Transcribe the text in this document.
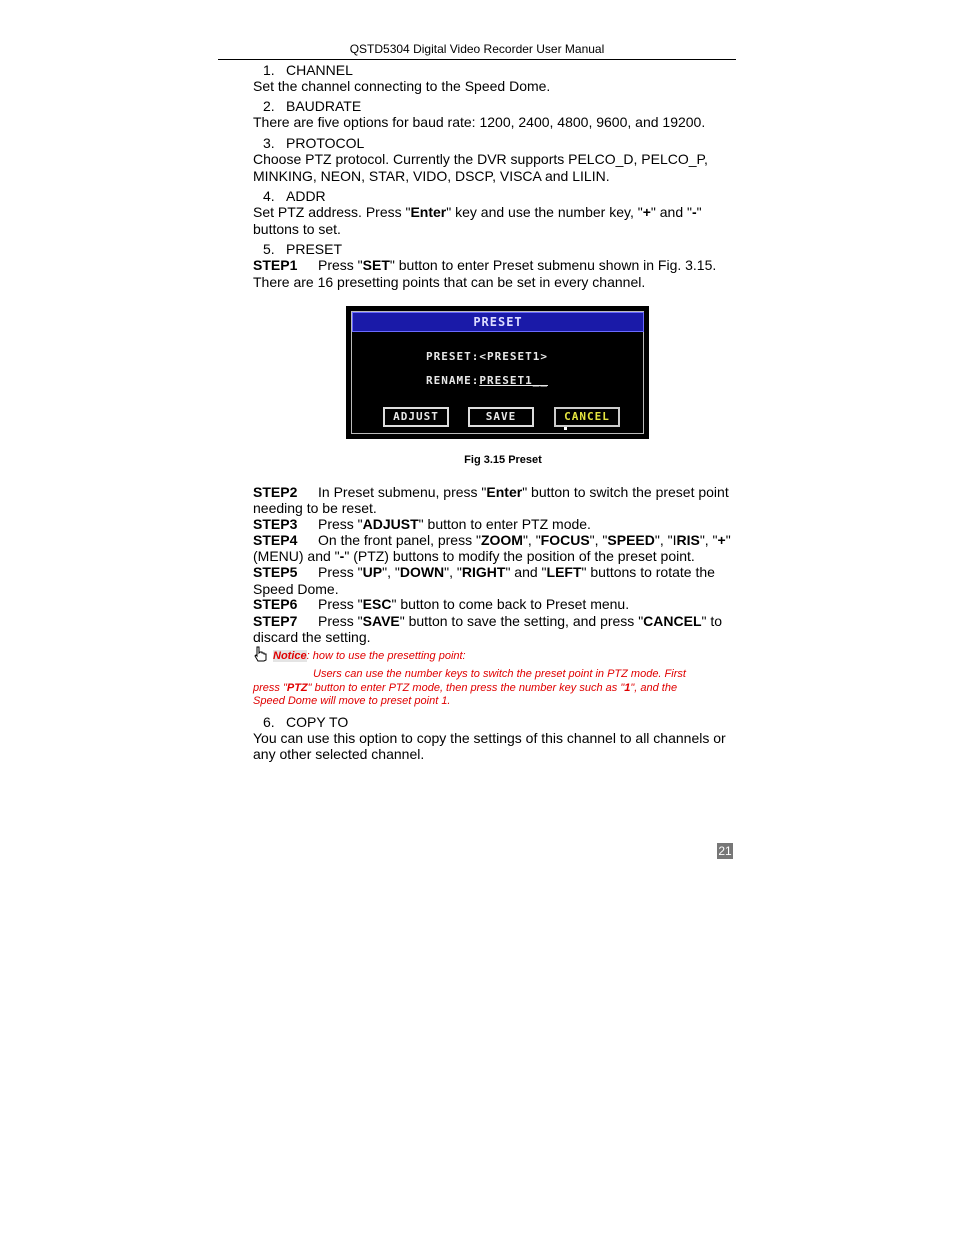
QSTD5304 Digital Video Recorder User Manual
1. CHANNEL
Set the channel connecting to the Speed Dome.
2. BAUDRATE
There are five options for baud rate: 1200, 2400, 4800, 9600, and 19200.
3. PROTOCOL
Choose PTZ protocol. Currently the DVR supports PELCO_D, PELCO_P,
MINKING, NEON, STAR, VIDO, DSCP, VISCA and LILIN.
4. ADDR
Set PTZ address. Press "Enter" key and use the number key, "+" and "-"
buttons to set.
5. PRESET
STEP1 Press "SET" button to enter Preset submenu shown in Fig. 3.15.
There are 16 presetting points that can be set in every channel.
PRESET
PRESET:<PRESET1>
RENAME:PRESET1__
ADJUST	SAVE	CANCEL
Fig 3.15 Preset
STEP2 In Preset submenu, press "Enter" button to switch the preset point
needing to be reset.
STEP3 Press "ADJUST" button to enter PTZ mode.
STEP4 On the front panel, press "ZOOM", "FOCUS", "SPEED", "IRIS", "+"
(MENU) and "-" (PTZ) buttons to modify the position of the preset point.
STEP5 Press "UP", "DOWN", "RIGHT" and "LEFT" buttons to rotate the
Speed Dome.
STEP6 Press "ESC" button to come back to Preset menu.
STEP7 Press "SAVE" button to save the setting, and press "CANCEL" to
discard the setting.
Notice: how to use the presetting point:
Users can use the number keys to switch the preset point in PTZ mode. First
press "PTZ" button to enter PTZ mode, then press the number key such as "1", and the
Speed Dome will move to preset point 1.
6. COPY TO
You can use this option to copy the settings of this channel to all channels or
any other selected channel.
21
